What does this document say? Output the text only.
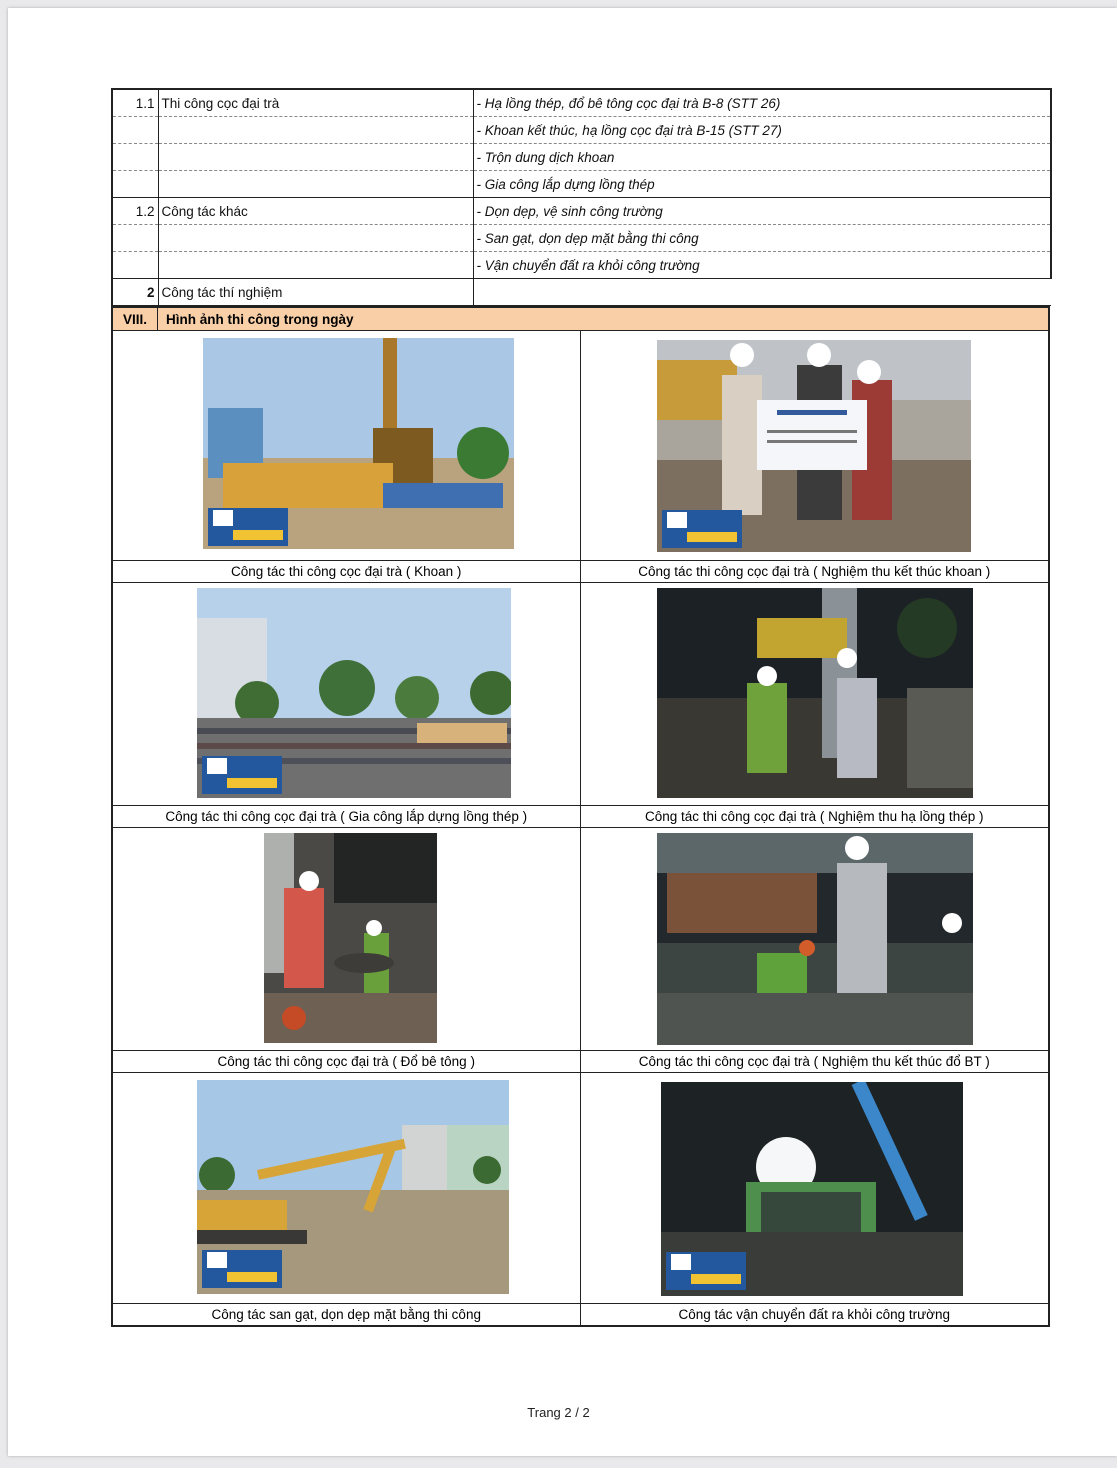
1.1	Thi công cọc đại trà	- Hạ lồng thép, đổ bê tông cọc đại trà B-8 (STT 26)
		- Khoan kết thúc, hạ lồng cọc đại trà B-15 (STT 27)
		- Trộn dung dịch khoan
		- Gia công lắp dựng lồng thép
1.2	Công tác khác	- Dọn dẹp, vệ sinh công trường
		- San gạt, dọn dẹp mặt bằng thi công
		- Vận chuyển đất ra khỏi công trường
2	Công tác thí nghiệm	
VIII.	Hình ảnh thi công trong ngày
Công tác thi công cọc đại trà ( Khoan )	Công tác thi công cọc đại trà ( Nghiệm thu kết thúc khoan )
Công tác thi công cọc đại trà ( Gia công lắp dựng lồng thép )	Công tác thi công cọc đại trà ( Nghiệm thu hạ lồng thép )
Công tác thi công cọc đại trà ( Đổ bê tông )	Công tác thi công cọc đại trà ( Nghiệm thu kết thúc đổ BT )
Công tác san gạt, dọn dẹp mặt bằng thi công	Công tác vận chuyển đất ra khỏi công trường
Trang 2 / 2
